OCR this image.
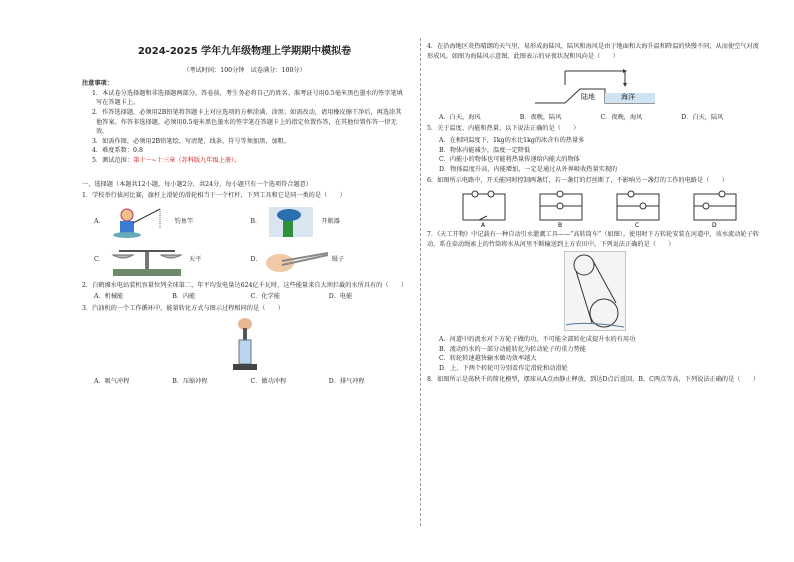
2024-2025 学年九年级物理上学期期中模拟卷
（考试时间：100分钟　试卷满分：100分）
注意事项：

1．本试卷分选择题和非选择题两部分。答卷前，考生务必将自己的姓名、准考证号用0.5毫米黑色墨水的签字笔填写在答题卡上。

2．作答选择题，必须用2B铅笔将答题卡上对应选项的方框涂满、涂黑；如需改动，请用橡皮擦干净后，再选涂其他答案。作答非选择题，必须用0.5毫米黑色墨水的签字笔在答题卡上的指定位置作答，在其他位置作答一律无效。

3．如需作图，必须用2B铅笔绘、写清楚，线条、符号等须加黑、加粗。

4．难度系数：0.8

5．测试范围：第十一~十三章（苏科版九年级上册）。

一、选择题（本题共12小题，每小题2分，共24分，每小题只有一个选项符合题意）
1．学校举行拔河比赛，旗杆上滑轮的滑轮相当于一个杠杆，下列工具和它是同一类的是（　　）
A．	钓鱼竿	B．	开瓶器
C．	天平	D．	镊子
2．白鹤滩水电站装机容量位列全球第二，年平均发电量达624亿千瓦时，这些能量来自大坝拦截的水所具有的（　　）
A．机械能	B．内能	C．化学能	D．电能
3．汽油机的一个工作循环中，能量转化方式与图示过程相同的是（　　）
A．吸气冲程	B．压缩冲程	C．做功冲程	D．排气冲程
4．在沿海地区炎热晴朗的天气里，易形成海陆风，陆风和海风是由于地面和大海升温和降温的快慢不同，从而使空气对流形成风。如图为海陆风示意图，此图表示的昼夜状况和风向是（　　）
陆地	海洋
A．白天，海风	B．夜晚，陆风	C．夜晚，海风	D．白天，陆风
5．关于温度、内能和热量，以下说法正确的是（　　）
A．在相同温度下，1kg的水比1kg的冰含有的热量多
B．物体内能减少，温度一定降低
C．内能小的物体也可能将热量传递给内能大的物体
D．物体温度升高，内能增加，一定是通过从外界吸收热量实现的
6．如图所示电路中，开关能同时控制两盏灯，若一盏灯的灯丝断了，不影响另一盏灯的工作的电路是（　　）
A	B	C	D
7．《天工开物》中记载有一种自动引水灌溉工具——“高转筒车”（如图）。使用时下方转轮安装在河道中，该水流动轮子转动，系在牵动绳索上的竹筒将水从河里不断输送到上方农田中，下列说法正确的是（　　）
A．河道中的流水对下方轮子做的功，不可能全部转化成提升水的有用功
B．流动的水的一部分动能转化为转动轮子的重力势能
C．转轮转速越快输水做功效率越大
D．上、下两个转轮可分别看作定滑轮和动滑轮
8．如图所示是荡秋千的简化模型，摆球从A点由静止释放，到达D点后返回，B、C两点等高，下列说法正确的是（　　）
